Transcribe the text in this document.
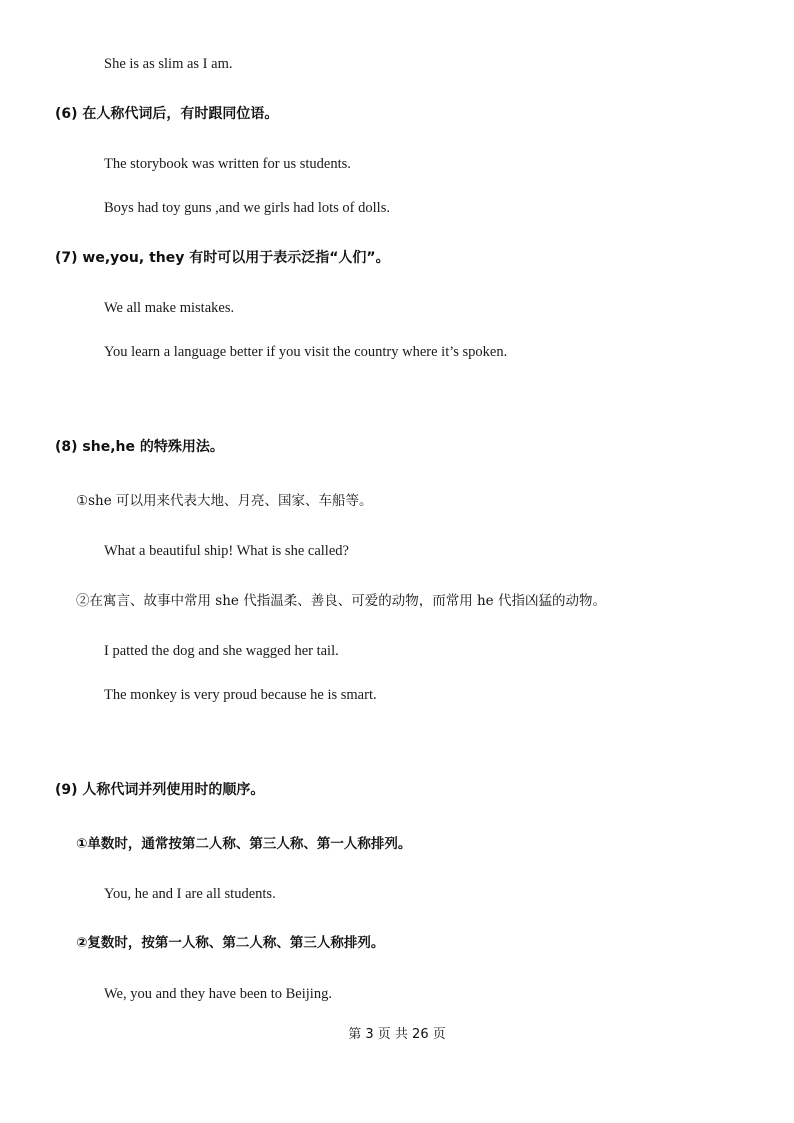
She is as slim as I am.
(6) 在人称代词后，有时跟同位语。
The storybook was written for us students.
Boys had toy guns ,and we girls had lots of dolls.
(7) we,you, they 有时可以用于表示泛指“人们”。
We all make mistakes.
You learn a language better if you visit the country where it’s spoken.
(8) she,he 的特殊用法。
①she 可以用来代表大地、月亮、国家、车船等。
What a beautiful ship! What is she called?
②在寓言、故事中常用 she 代指温柔、善良、可爱的动物，而常用 he 代指凶猛的动物。
I patted the dog and she wagged her tail.
The monkey is very proud because he is smart.
(9) 人称代词并列使用时的顺序。
①单数时，通常按第二人称、第三人称、第一人称排列。
You, he and I are all students.
②复数时，按第一人称、第二人称、第三人称排列。
We, you and they have been to Beijing.
第 3 页 共 26 页
